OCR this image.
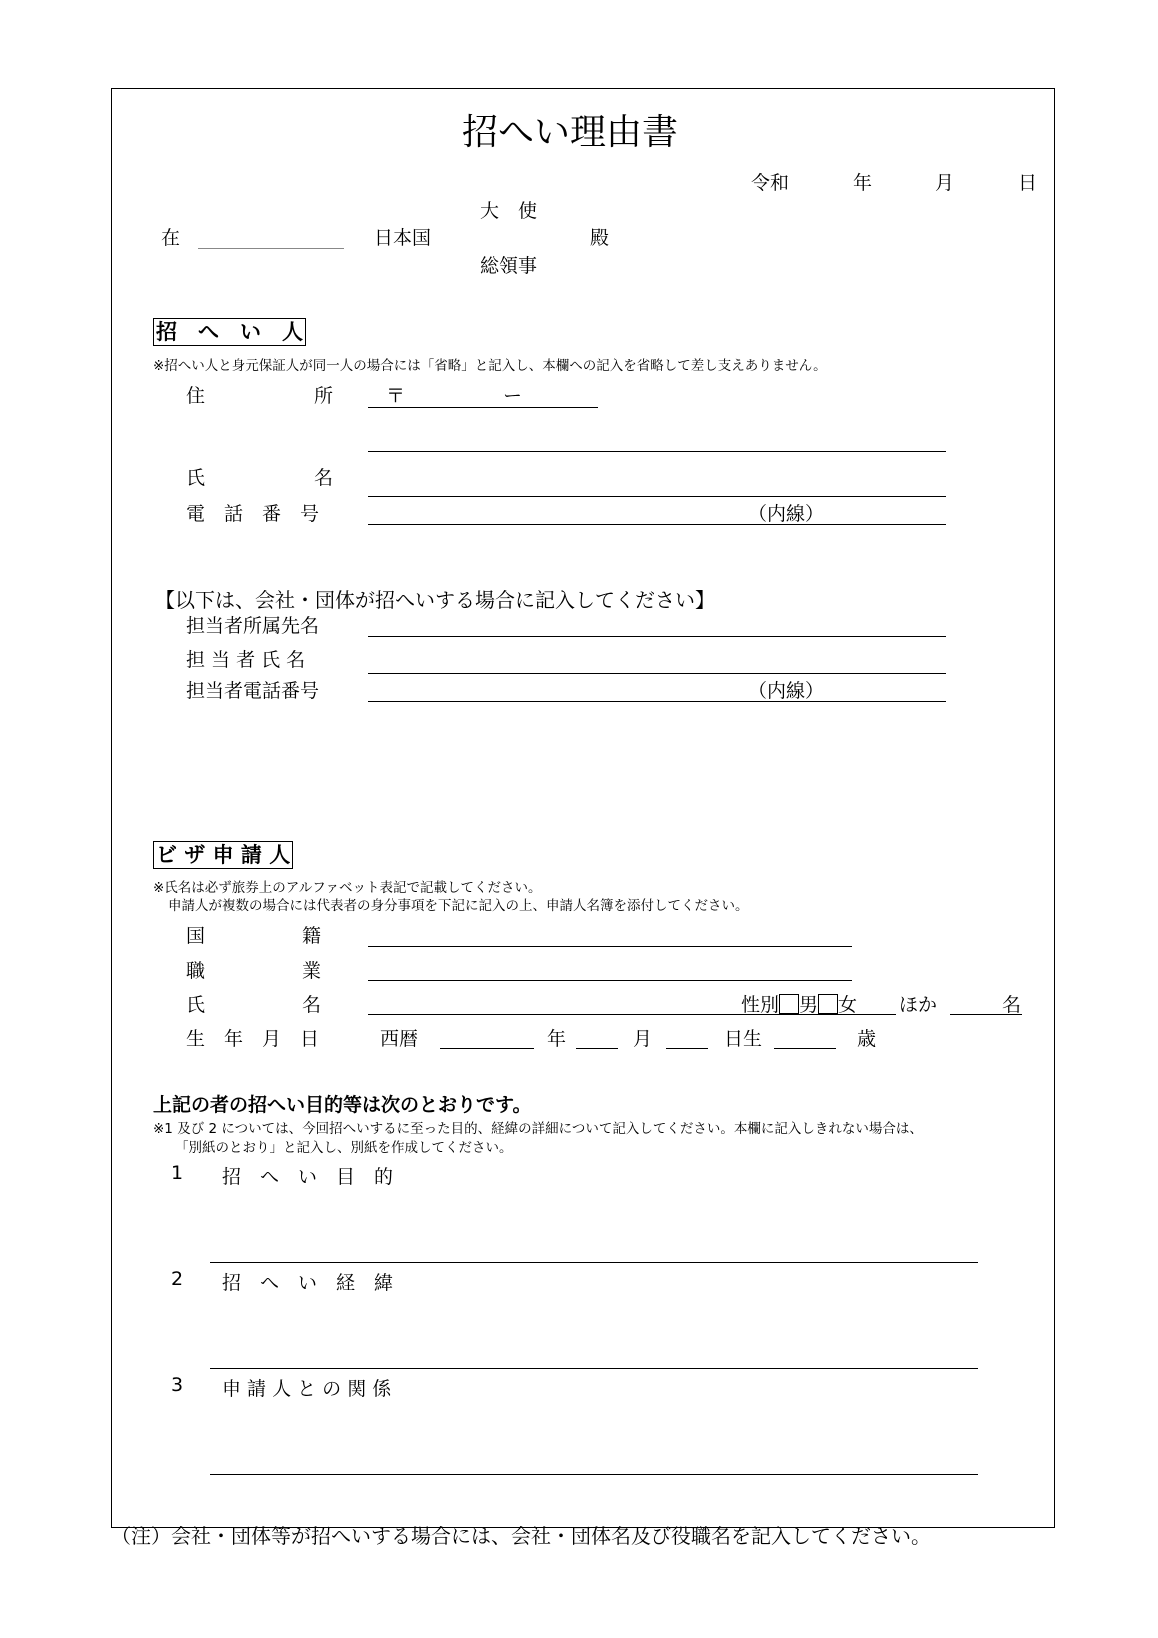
招へい理由書
令和	年	月	日
大　使
在	日本国	殿
総領事
招　へ　い　人
※招へい人と身元保証人が同一人の場合には「省略」と記入し、本欄への記入を省略して差し支えありません。
住	所	〒	ー
氏	名
電　話　番　号	（内線）
【以下は、会社・団体が招へいする場合に記入してください】
担当者所属先名
担 当 者 氏 名
担当者電話番号	（内線）
ビ ザ 申 請 人
※氏名は必ず旅券上のアルファベット表記で記載してください。
申請人が複数の場合には代表者の身分事項を下記に記入の上、申請人名簿を添付してください。
国	籍
職	業
氏	名	性別 男 女 ほか	名
生　年　月　日	西暦	年	月	日生	歳
上記の者の招へい目的等は次のとおりです。
※1 及び 2 については、今回招へいするに至った目的、経緯の詳細について記入してください。本欄に記入しきれない場合は、
「別紙のとおり」と記入し、別紙を作成してください。
1 招　へ　い　目　的
2 招　へ　い　経　緯
3 申 請 人 と の 関 係
（注）会社・団体等が招へいする場合には、会社・団体名及び役職名を記入してください。
